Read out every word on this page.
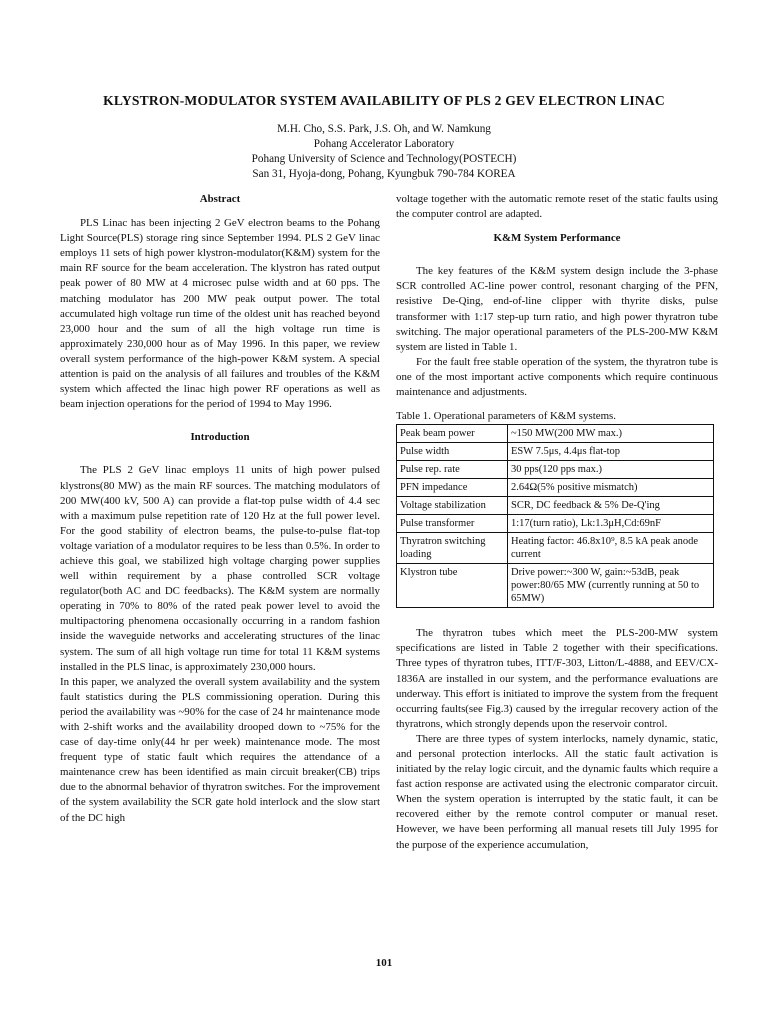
KLYSTRON-MODULATOR SYSTEM AVAILABILITY OF PLS 2 GEV ELECTRON LINAC
M.H. Cho, S.S. Park, J.S. Oh, and W. Namkung
Pohang Accelerator Laboratory
Pohang University of Science and Technology(POSTECH)
San 31, Hyoja-dong, Pohang, Kyungbuk 790-784 KOREA
Abstract

PLS Linac has been injecting 2 GeV electron beams to the Pohang Light Source(PLS) storage ring since September 1994. PLS 2 GeV linac employs 11 sets of high power klystron-modulator(K&M) system for the main RF source for the beam acceleration. The klystron has rated output peak power of 80 MW at 4 microsec pulse width and at 60 pps. The matching modulator has 200 MW peak output power. The total accumulated high voltage run time of the oldest unit has reached beyond 23,000 hour and the sum of all the high voltage run time is approximately 230,000 hour as of May 1996. In this paper, we review overall system performance of the high-power K&M system. A special attention is paid on the analysis of all failures and troubles of the K&M system which affected the linac high power RF operations as well as beam injection operations for the period of 1994 to May 1996.

Introduction

The PLS 2 GeV linac employs 11 units of high power pulsed klystrons(80 MW) as the main RF sources. The matching modulators of 200 MW(400 kV, 500 A) can provide a flat-top pulse width of 4.4 sec with a maximum pulse repetition rate of 120 Hz at the full power level. For the good stability of electron beams, the pulse-to-pulse flat-top voltage variation of a modulator requires to be less than 0.5%. In order to achieve this goal, we stabilized high voltage charging power supplies well within requirement by a phase controlled SCR voltage regulator(both AC and DC feedbacks). The K&M system are normally operating in 70% to 80% of the rated peak power level to avoid the multipactoring phenomena occasionally occurring in a random fashion inside the waveguide networks and accelerating structures of the linac system. The sum of all high voltage run time for total 11 K&M systems installed in the PLS linac, is approximately 230,000 hours.

In this paper, we analyzed the overall system availability and the system fault statistics during the PLS commissioning operation. During this period the availability was ~90% for the case of 24 hr maintenance mode with 2-shift works and the availability drooped down to ~75% for the case of day-time only(44 hr per week) maintenance mode. The most frequent type of static fault which requires the attendance of a maintenance crew has been identified as main circuit breaker(CB) trips due to the abnormal behavior of thyratron switches. For the improvement of the system availability the SCR gate hold interlock and the slow start of the DC high

voltage together with the automatic remote reset of the static faults using the computer control are adapted.

K&M System Performance

The key features of the K&M system design include the 3-phase SCR controlled AC-line power control, resonant charging of the PFN, resistive De-Qing, end-of-line clipper with thyrite disks, pulse transformer with 1:17 step-up turn ratio, and high power thyratron tube switching. The major operational parameters of the PLS-200-MW K&M system are listed in Table 1.

For the fault free stable operation of the system, the thyratron tube is one of the most important active components which require continuous maintenance and adjustments.

Table 1. Operational parameters of K&M systems.
Peak beam power	~150 MW(200 MW max.)
Pulse width	ESW 7.5μs, 4.4μs flat-top
Pulse rep. rate	30 pps(120 pps max.)
PFN impedance	2.64Ω(5% positive mismatch)
Voltage stabilization	SCR, DC feedback & 5% De-Q'ing
Pulse transformer	1:17(turn ratio), Lk:1.3μH,Cd:69nF
Thyratron switching loading	Heating factor: 46.8x10⁹, 8.5 kA peak anode current
Klystron tube	Drive power:~300 W, gain:~53dB, peak power:80/65 MW (currently running at 50 to 65MW)

The thyratron tubes which meet the PLS-200-MW system specifications are listed in Table 2 together with their specifications. Three types of thyratron tubes, ITT/F-303, Litton/L-4888, and EEV/CX-1836A are installed in our system, and the performance evaluations are underway. This effort is initiated to improve the system from the frequent occurring faults(see Fig.3) caused by the irregular recovery action of the thyratrons, which strongly depends upon the reservoir control.

There are three types of system interlocks, namely dynamic, static, and personal protection interlocks. All the static fault activation is initiated by the relay logic circuit, and the dynamic faults which require a fast action response are activated using the electronic comparator circuit. When the system operation is interrupted by the static fault, it can be recovered either by the remote control computer or manual reset. However, we have been performing all manual resets till July 1995 for the purpose of the experience accumulation,

101
